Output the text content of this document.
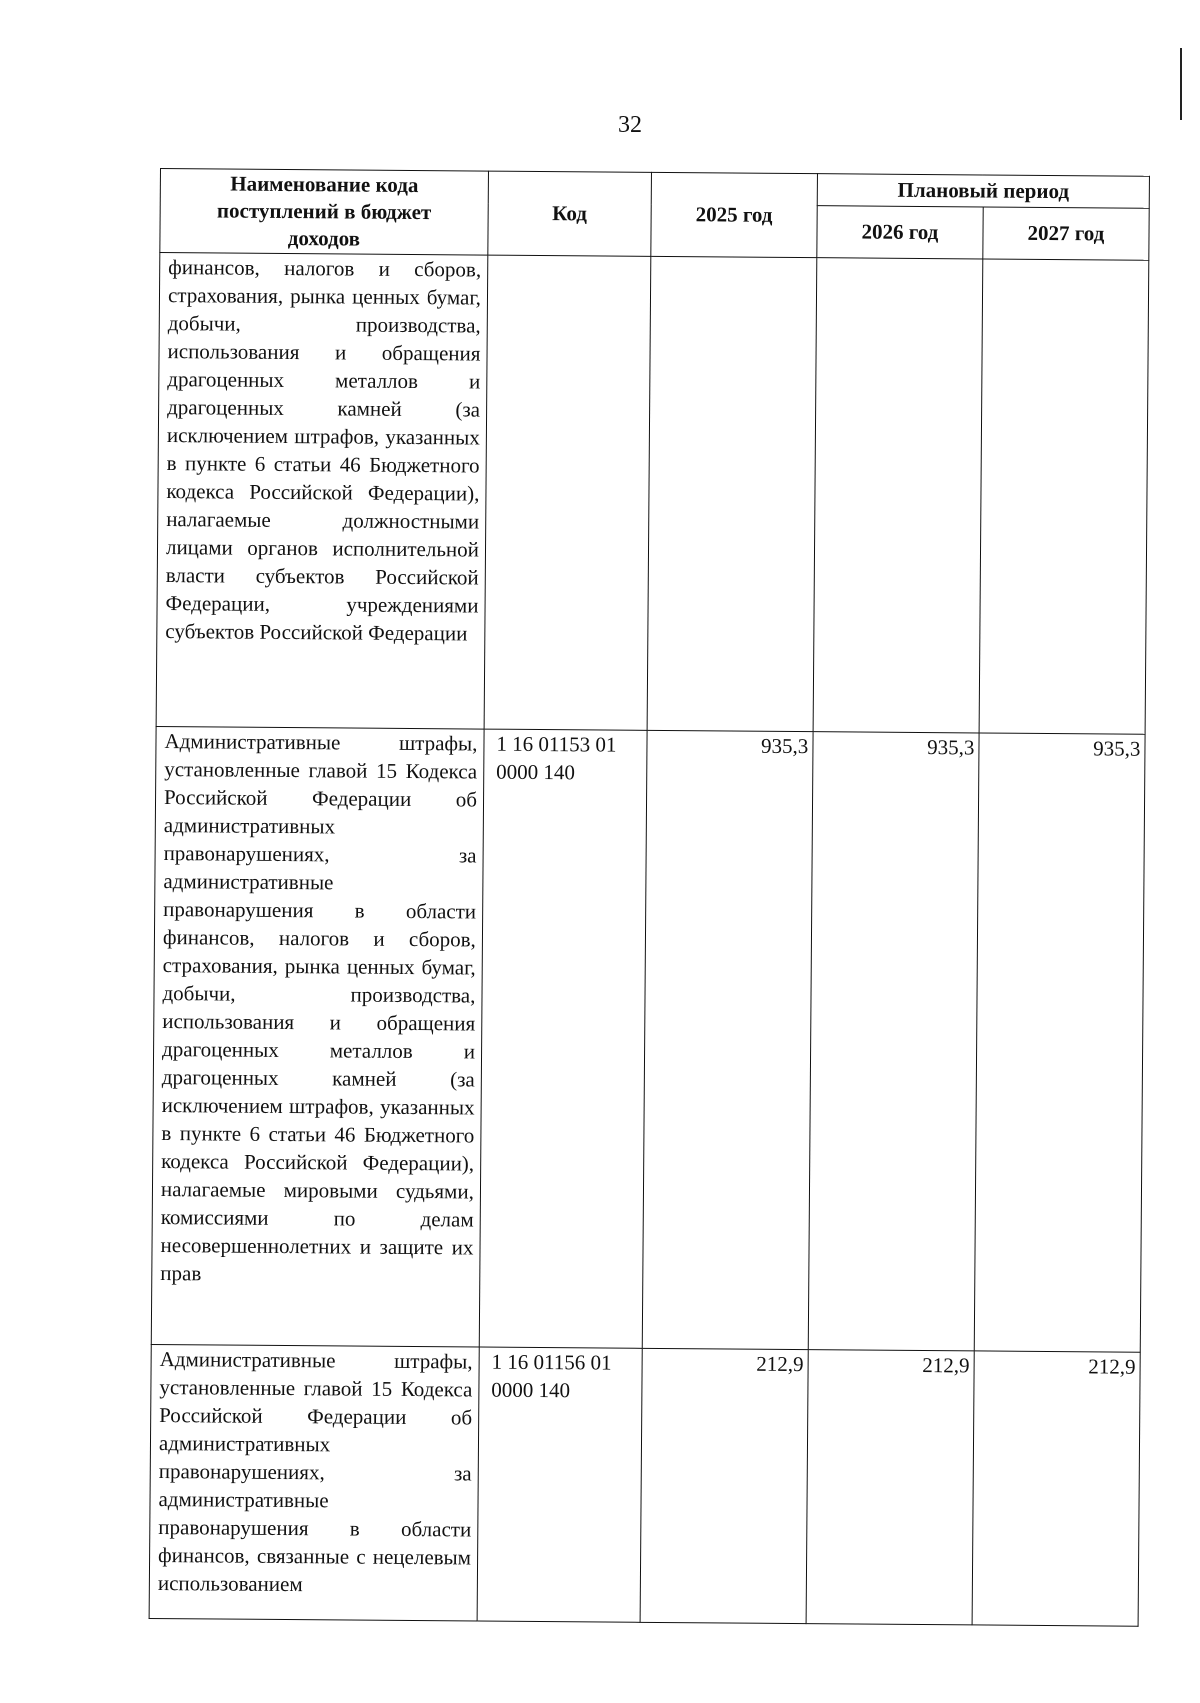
32
Наименование кода поступлений в бюджет доходов	Код	2025 год	Плановый период	
			2026 год	2027 год
финансов, налогов и сборов, страхования, рынка ценных бумаг, добычи, производства, использования и обращения драгоценных металлов и драгоценных камней (за исключением штрафов, указанных в пункте 6 статьи 46 Бюджетного кодекса Российской Федерации), налагаемые должностными лицами органов исполнительной власти субъектов Российской Федерации, учреждениями субъектов Российской Федерации				
Административные штрафы, установленные главой 15 Кодекса Российской Федерации об административных правонарушениях, за административные правонарушения в области финансов, налогов и сборов, страхования, рынка ценных бумаг, добычи, производства, использования и обращения драгоценных металлов и драгоценных камней (за исключением штрафов, указанных в пункте 6 статьи 46 Бюджетного кодекса Российской Федерации), налагаемые мировыми судьями, комиссиями по делам несовершеннолетних и защите их прав	1 16 01153 01 0000 140	935,3	935,3	935,3
Административные штрафы, установленные главой 15 Кодекса Российской Федерации об административных правонарушениях, за административные правонарушения в области финансов, связанные с нецелевым использованием	1 16 01156 01 0000 140	212,9	212,9	212,9
